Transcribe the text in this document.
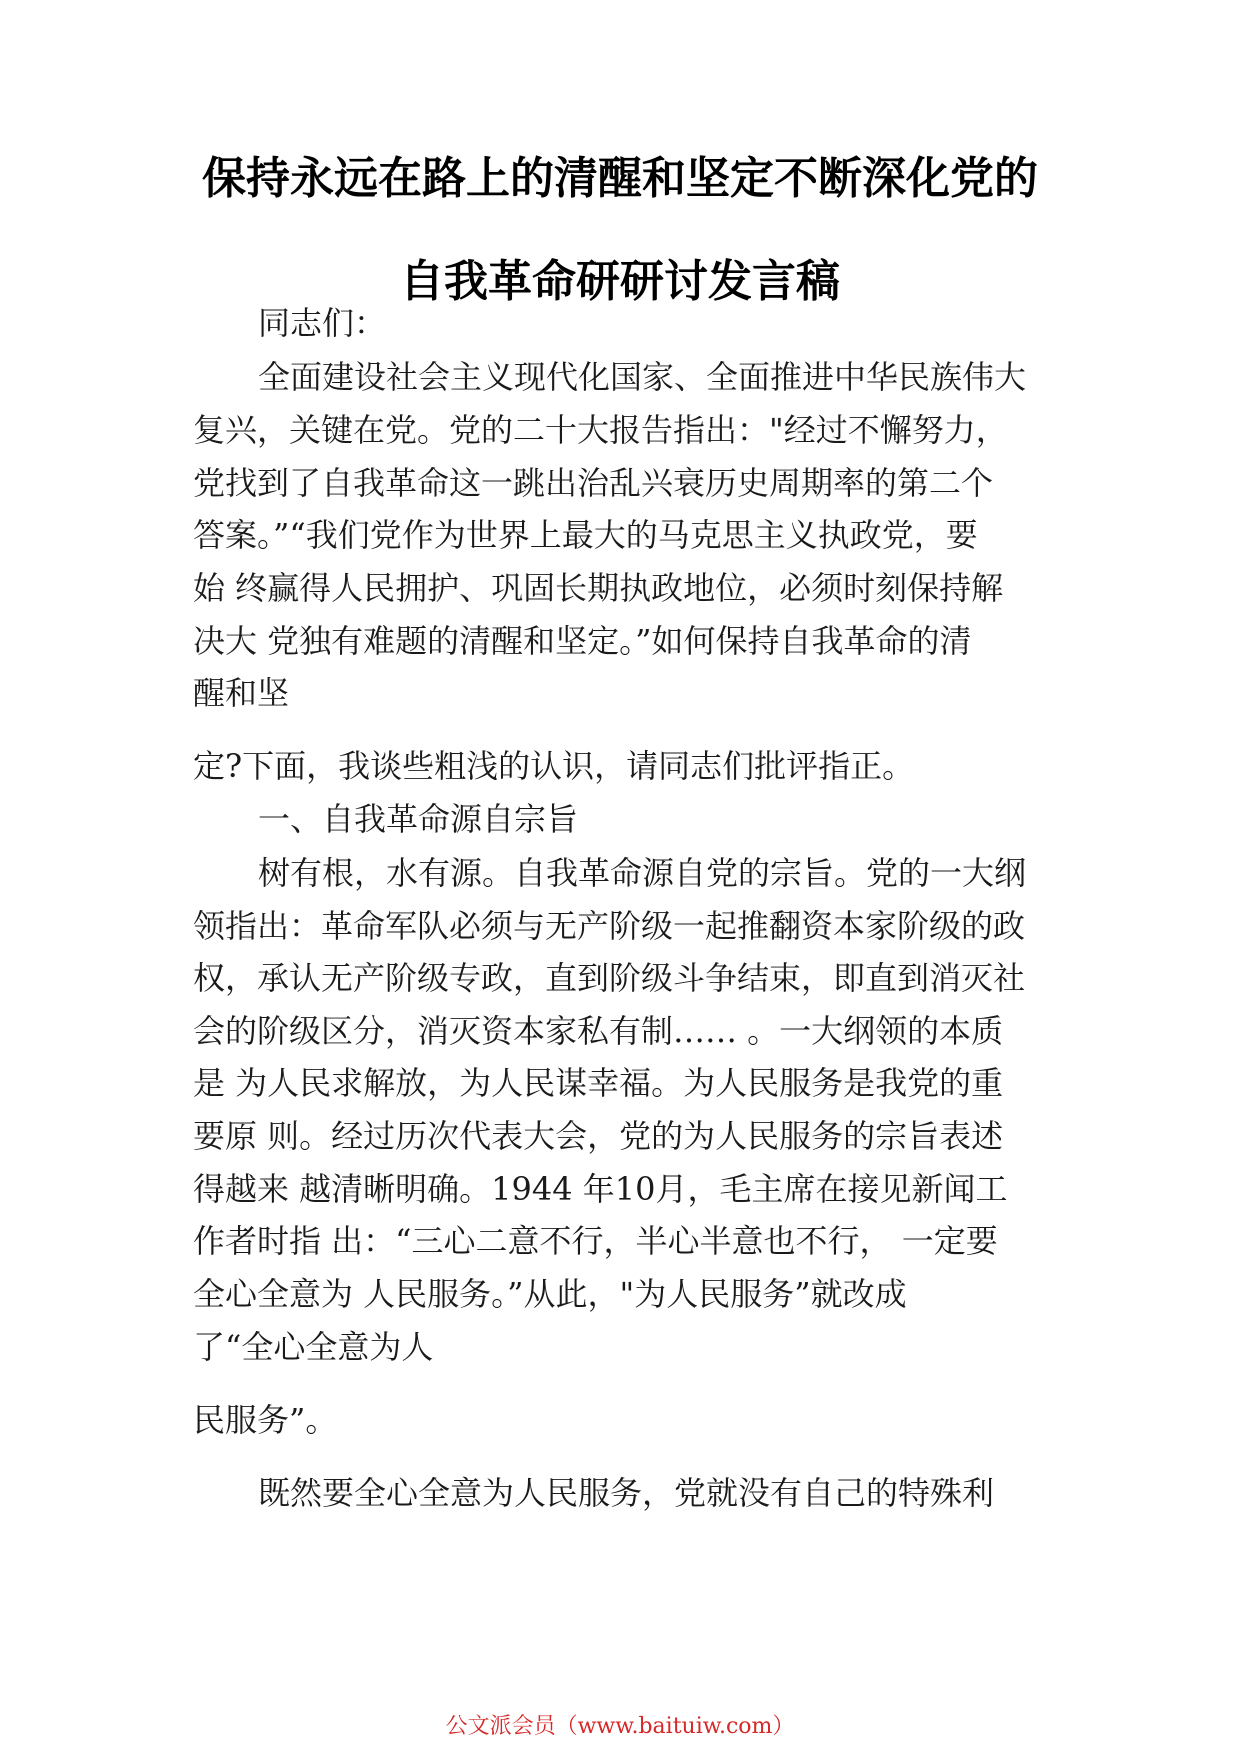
保持永远在路上的清醒和坚定不断深化党的
自我革命研研讨发言稿
同志们：
全面建设社会主义现代化国家、全面推进中华民族伟大
复兴，关键在党。党的二十大报告指出："经过不懈努力，
党找到了自我革命这一跳出治乱兴衰历史周期率的第二个
答案。”“我们党作为世界上最大的马克思主义执政党，要
始 终赢得人民拥护、巩固长期执政地位，必须时刻保持解
决大 党独有难题的清醒和坚定。”如何保持自我革命的清
醒和坚
定?下面，我谈些粗浅的认识，请同志们批评指正。
一、自我革命源自宗旨
树有根，水有源。自我革命源自党的宗旨。党的一大纲
领指出：革命军队必须与无产阶级一起推翻资本家阶级的政
权，承认无产阶级专政，直到阶级斗争结束，即直到消灭社
会的阶级区分，消灭资本家私有制…… 。一大纲领的本质
是 为人民求解放，为人民谋幸福。为人民服务是我党的重
要原 则。经过历次代表大会，党的为人民服务的宗旨表述
得越来 越清晰明确。1944 年10月，毛主席在接见新闻工
作者时指 出：“三心二意不行，半心半意也不行， 一定要
全心全意为 人民服务。”从此，"为人民服务”就改成
了“全心全意为人
民服务”。
既然要全心全意为人民服务，党就没有自己的特殊利
公文派会员（www.baituiw.com）
